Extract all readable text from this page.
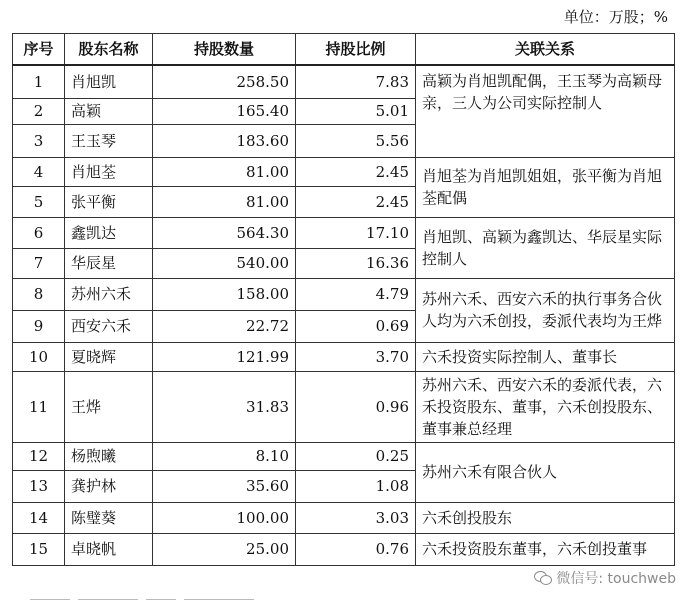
单位：万股；%
序号	股东名称	持股数量	持股比例	关联关系
1	肖旭凯	258.50	7.83	高颖为肖旭凯配偶，王玉琴为高颖母亲，三人为公司实际控制人
2	高颖	165.40	5.01	
3	王玉琴	183.60	5.56	
4	肖旭荃	81.00	2.45	肖旭荃为肖旭凯姐姐，张平衡为肖旭荃配偶
5	张平衡	81.00	2.45	
6	鑫凯达	564.30	17.10	肖旭凯、高颖为鑫凯达、华辰星实际控制人
7	华辰星	540.00	16.36	
8	苏州六禾	158.00	4.79	苏州六禾、西安六禾的执行事务合伙人均为六禾创投，委派代表均为王烨
9	西安六禾	22.72	0.69	
10	夏晓辉	121.99	3.70	六禾投资实际控制人、董事长
11	王烨	31.83	0.96	苏州六禾、西安六禾的委派代表，六禾投资股东、董事，六禾创投股东、董事兼总经理
12	杨煦曦	8.10	0.25	苏州六禾有限合伙人
13	龚护林	35.60	1.08	
14	陈璧葵	100.00	3.03	六禾创投股东
15	卓晓帆	25.00	0.76	六禾投资股东董事，六禾创投董事
微信号: touchweb
